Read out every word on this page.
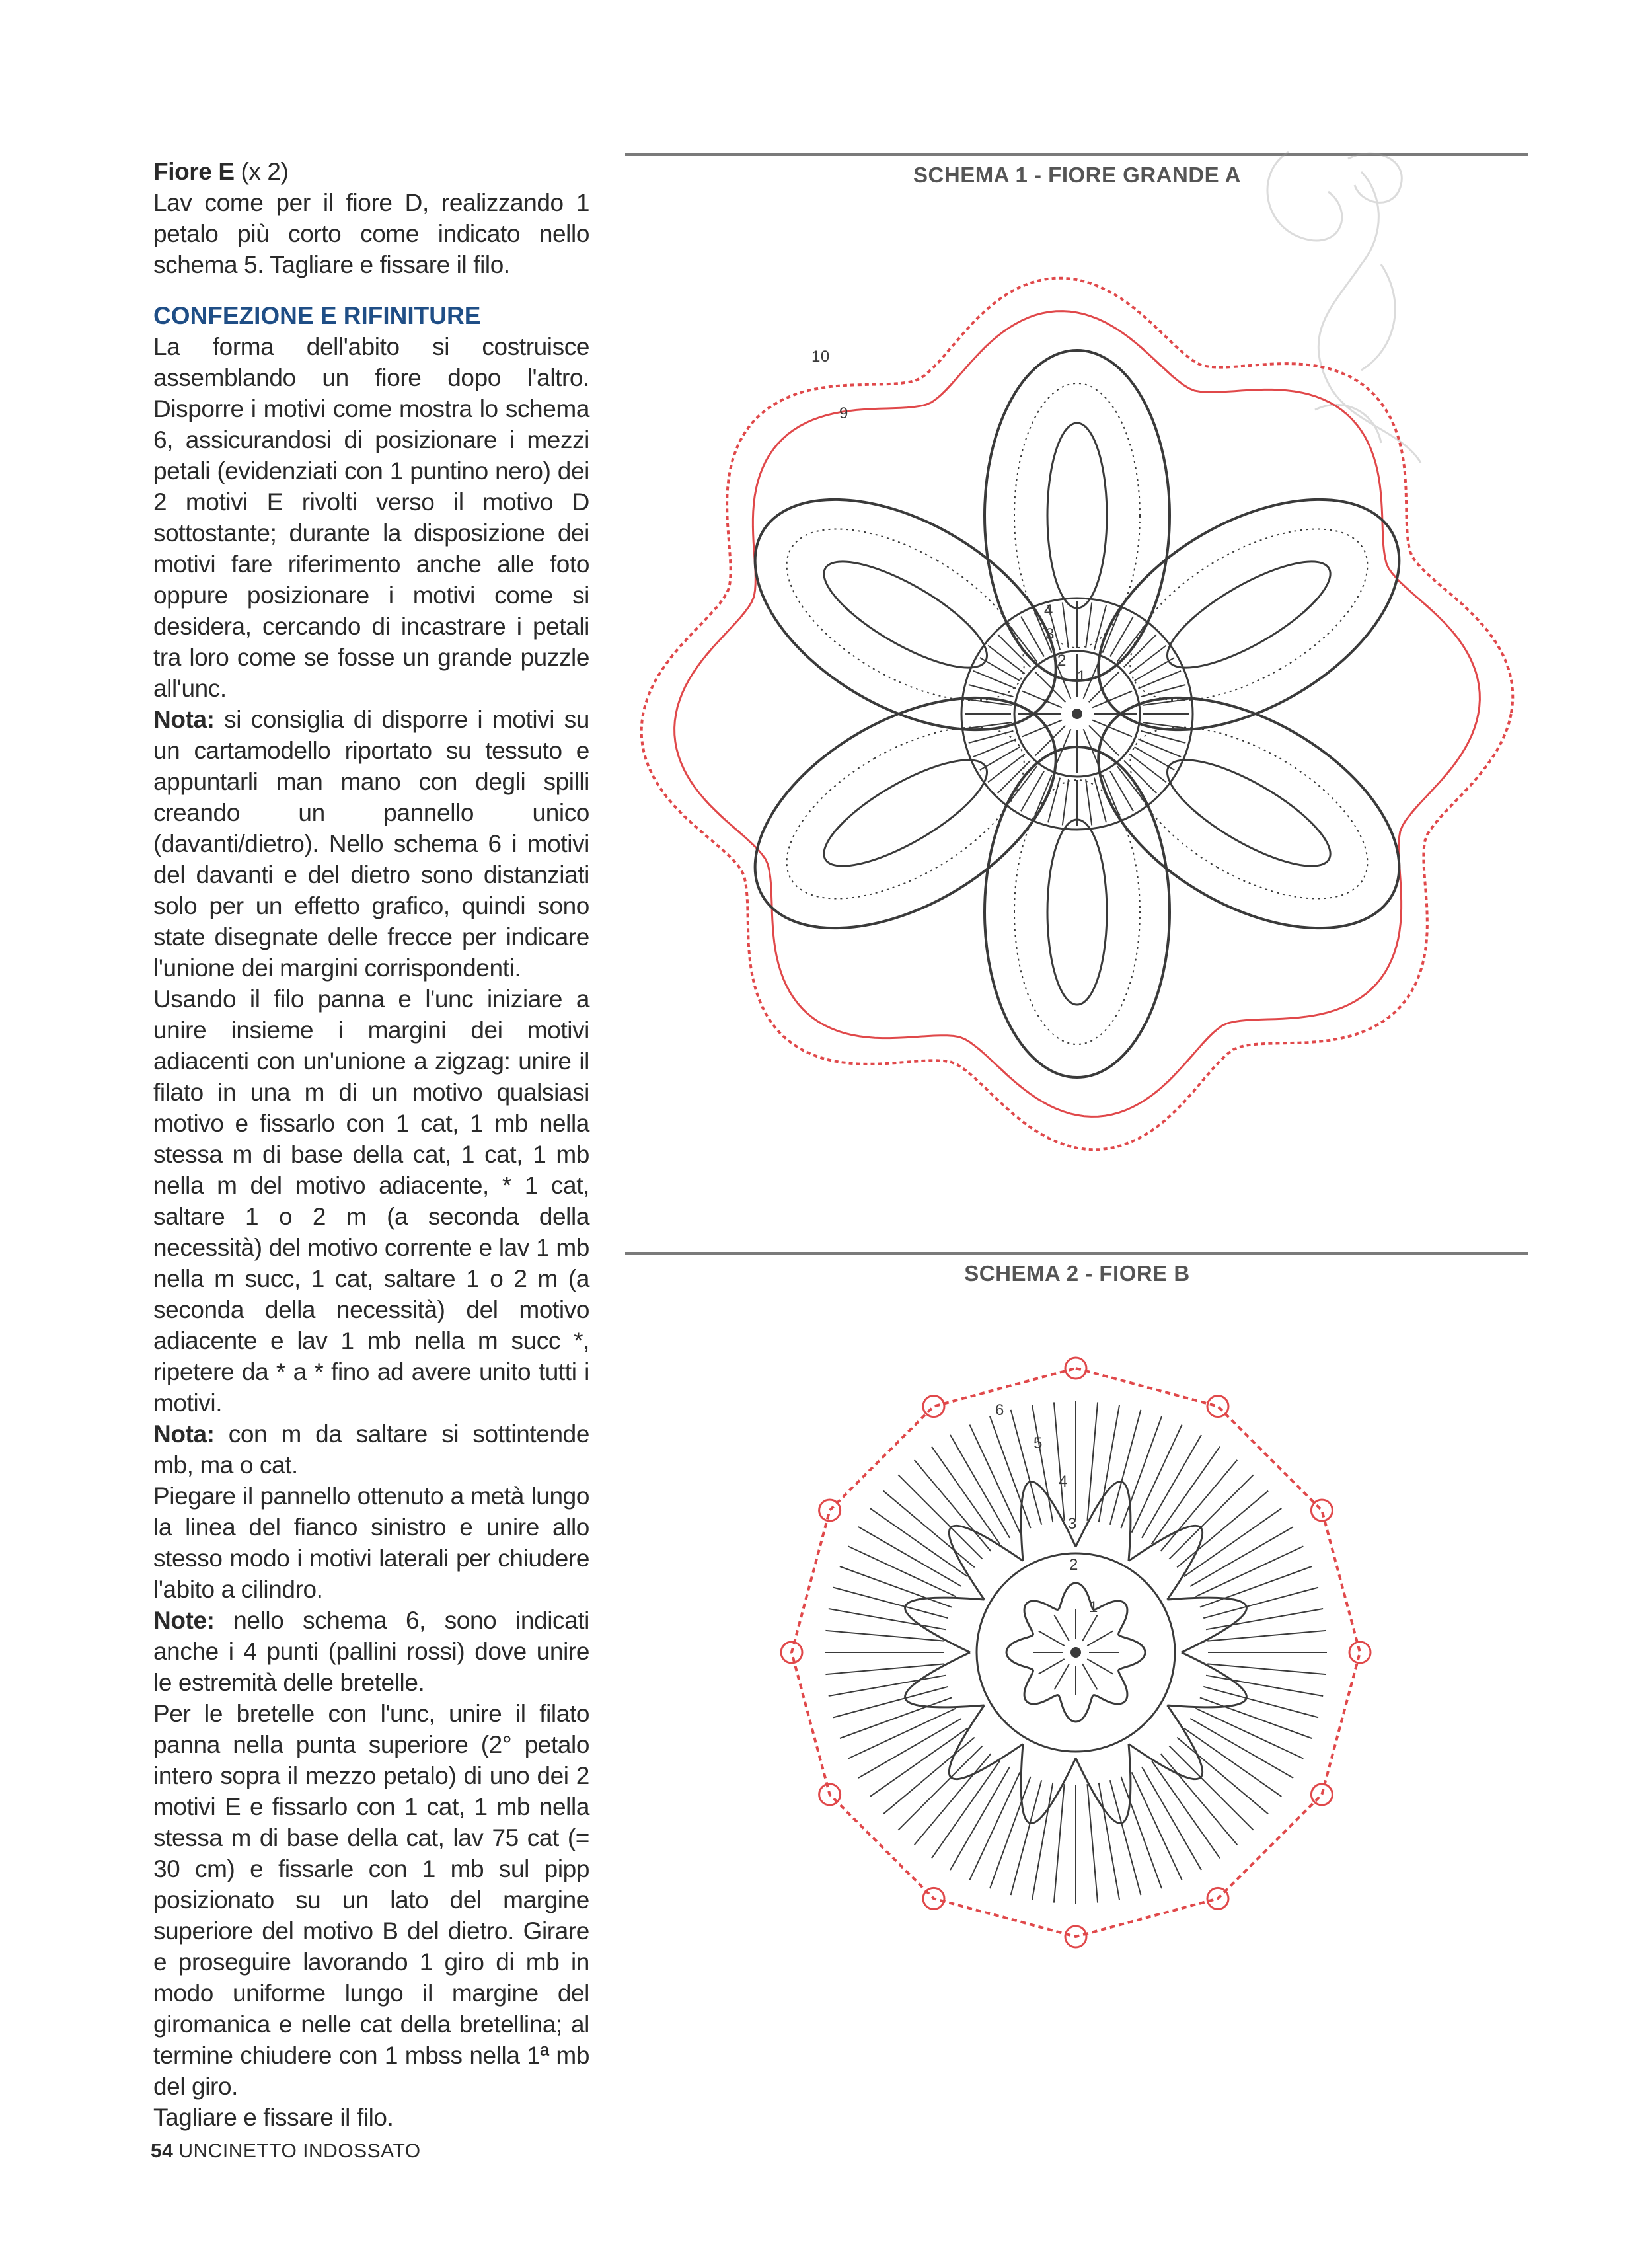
Fiore E (x 2)

Lav come per il fiore D, realizzando 1 petalo più corto come indicato nello schema 5. Tagliare e fissare il filo.

CONFEZIONE E RIFINITURE

La forma dell'abito si costruisce assemblando un fiore dopo l'altro. Disporre i motivi come mostra lo schema 6, assicurandosi di posizionare i mezzi petali (evidenziati con 1 puntino nero) dei 2 motivi E rivolti verso il motivo D sottostante; durante la disposizione dei motivi fare riferimento anche alle foto oppure posizionare i motivi come si desidera, cercando di incastrare i petali tra loro come se fosse un grande puzzle all'unc.

Nota: si consiglia di disporre i motivi su un cartamodello riportato su tessuto e appuntarli man mano con degli spilli creando un pannello unico (davanti/dietro). Nello schema 6 i motivi del davanti e del dietro sono distanziati solo per un effetto grafico, quindi sono state disegnate delle frecce per indicare l'unione dei margini corrispondenti.

Usando il filo panna e l'unc iniziare a unire insieme i margini dei motivi adiacenti con un'unione a zigzag: unire il filato in una m di un motivo qualsiasi motivo e fissarlo con 1 cat, 1 mb nella stessa m di base della cat, 1 cat, 1 mb nella m del motivo adiacente, * 1 cat, saltare 1 o 2 m (a seconda della necessità) del motivo corrente e lav 1 mb nella m succ, 1 cat, saltare 1 o 2 m (a seconda della necessità) del motivo adiacente e lav 1 mb nella m succ *, ripetere da * a * fino ad avere unito tutti i motivi.

Nota: con m da saltare si sottintende mb, ma o cat.

Piegare il pannello ottenuto a metà lungo la linea del fianco sinistro e unire allo stesso modo i motivi laterali per chiudere l'abito a cilindro.

Note: nello schema 6, sono indicati anche i 4 punti (pallini rossi) dove unire le estremità delle bretelle.

Per le bretelle con l'unc, unire il filato panna nella punta superiore (2° petalo intero sopra il mezzo petalo) di uno dei 2 motivi E e fissarlo con 1 cat, 1 mb nella stessa m di base della cat, lav 75 cat (= 30 cm) e fissarle con 1 mb sul pipp posizionato su un lato del margine superiore del motivo B del dietro. Girare e proseguire lavorando 1 giro di mb in modo uniforme lungo il margine del giromanica e nelle cat della bretellina; al termine chiudere con 1 mbss nella 1ª mb del giro.

Tagliare e fissare il filo.

SCHEMA 1 - FIORE GRANDE A
10
9
4
3
2
1
SCHEMA 2 - FIORE B
6
5
4
3
2
1
54 UNCINETTO INDOSSATO
